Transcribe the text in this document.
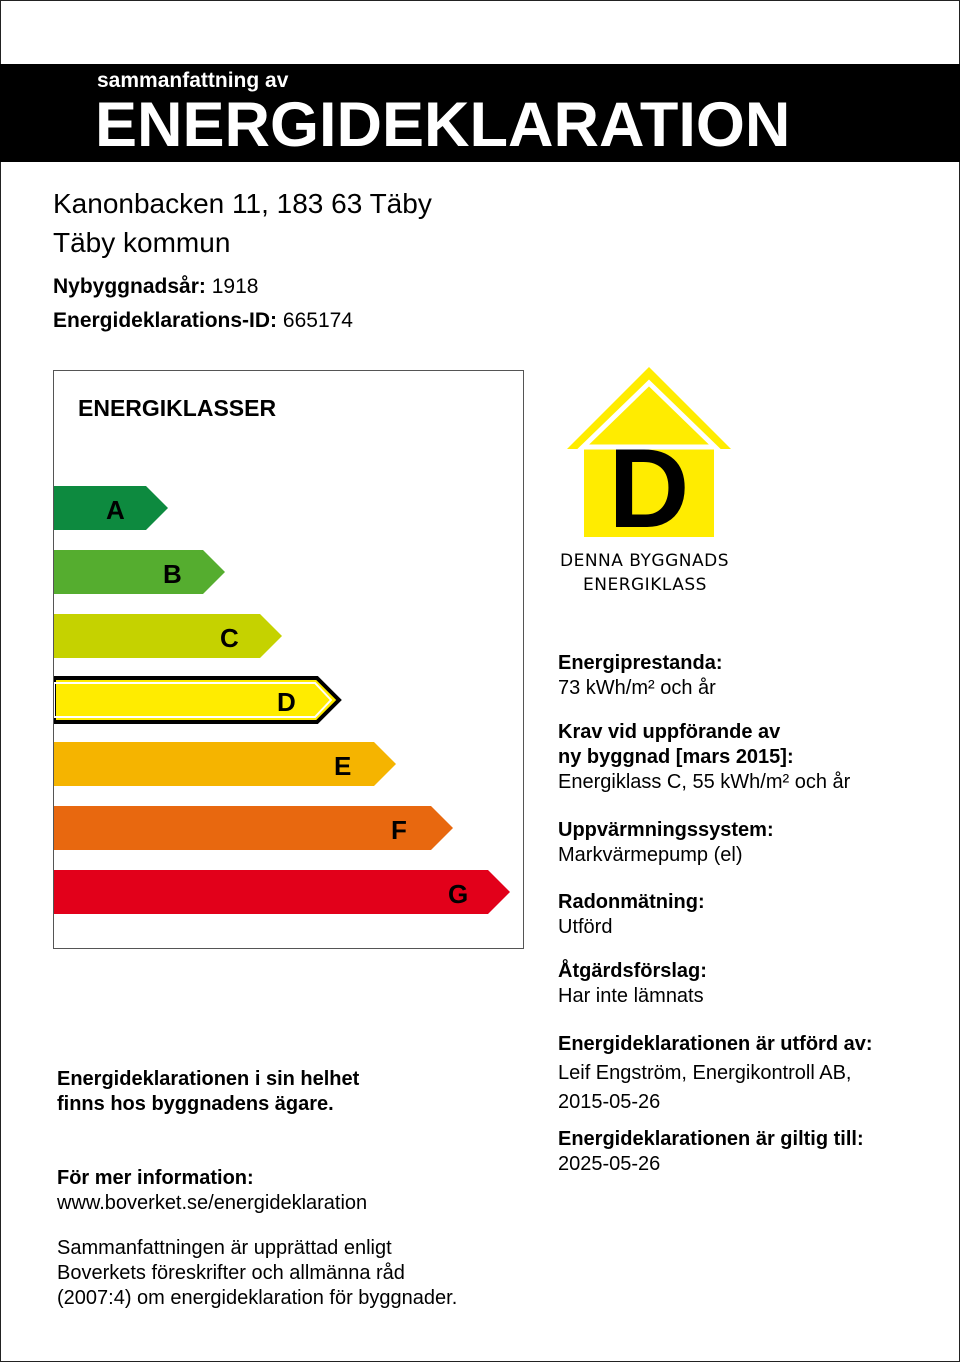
sammanfattning av
ENERGIDEKLARATION
Kanonbacken 11, 183 63 Täby
Täby kommun
Nybyggnadsår: 1918
Energideklarations-ID: 665174
ENERGIKLASSER
A
B
C
D
E
F
G
D
DENNA BYGGNADS
ENERGIKLASS
Energiprestanda:
73 kWh/m² och år
Krav vid uppförande av
ny byggnad [mars 2015]:
Energiklass C, 55 kWh/m² och år
Uppvärmningssystem:
Markvärmepump (el)
Radonmätning:
Utförd
Åtgärdsförslag:
Har inte lämnats
Energideklarationen är utförd av:
Leif Engström, Energikontroll AB,
2015-05-26
Energideklarationen är giltig till:
2025-05-26
Energideklarationen i sin helhet
finns hos byggnadens ägare.
För mer information:
www.boverket.se/energideklaration
Sammanfattningen är upprättad enligt
Boverkets föreskrifter och allmänna råd
(2007:4) om energideklaration för byggnader.
